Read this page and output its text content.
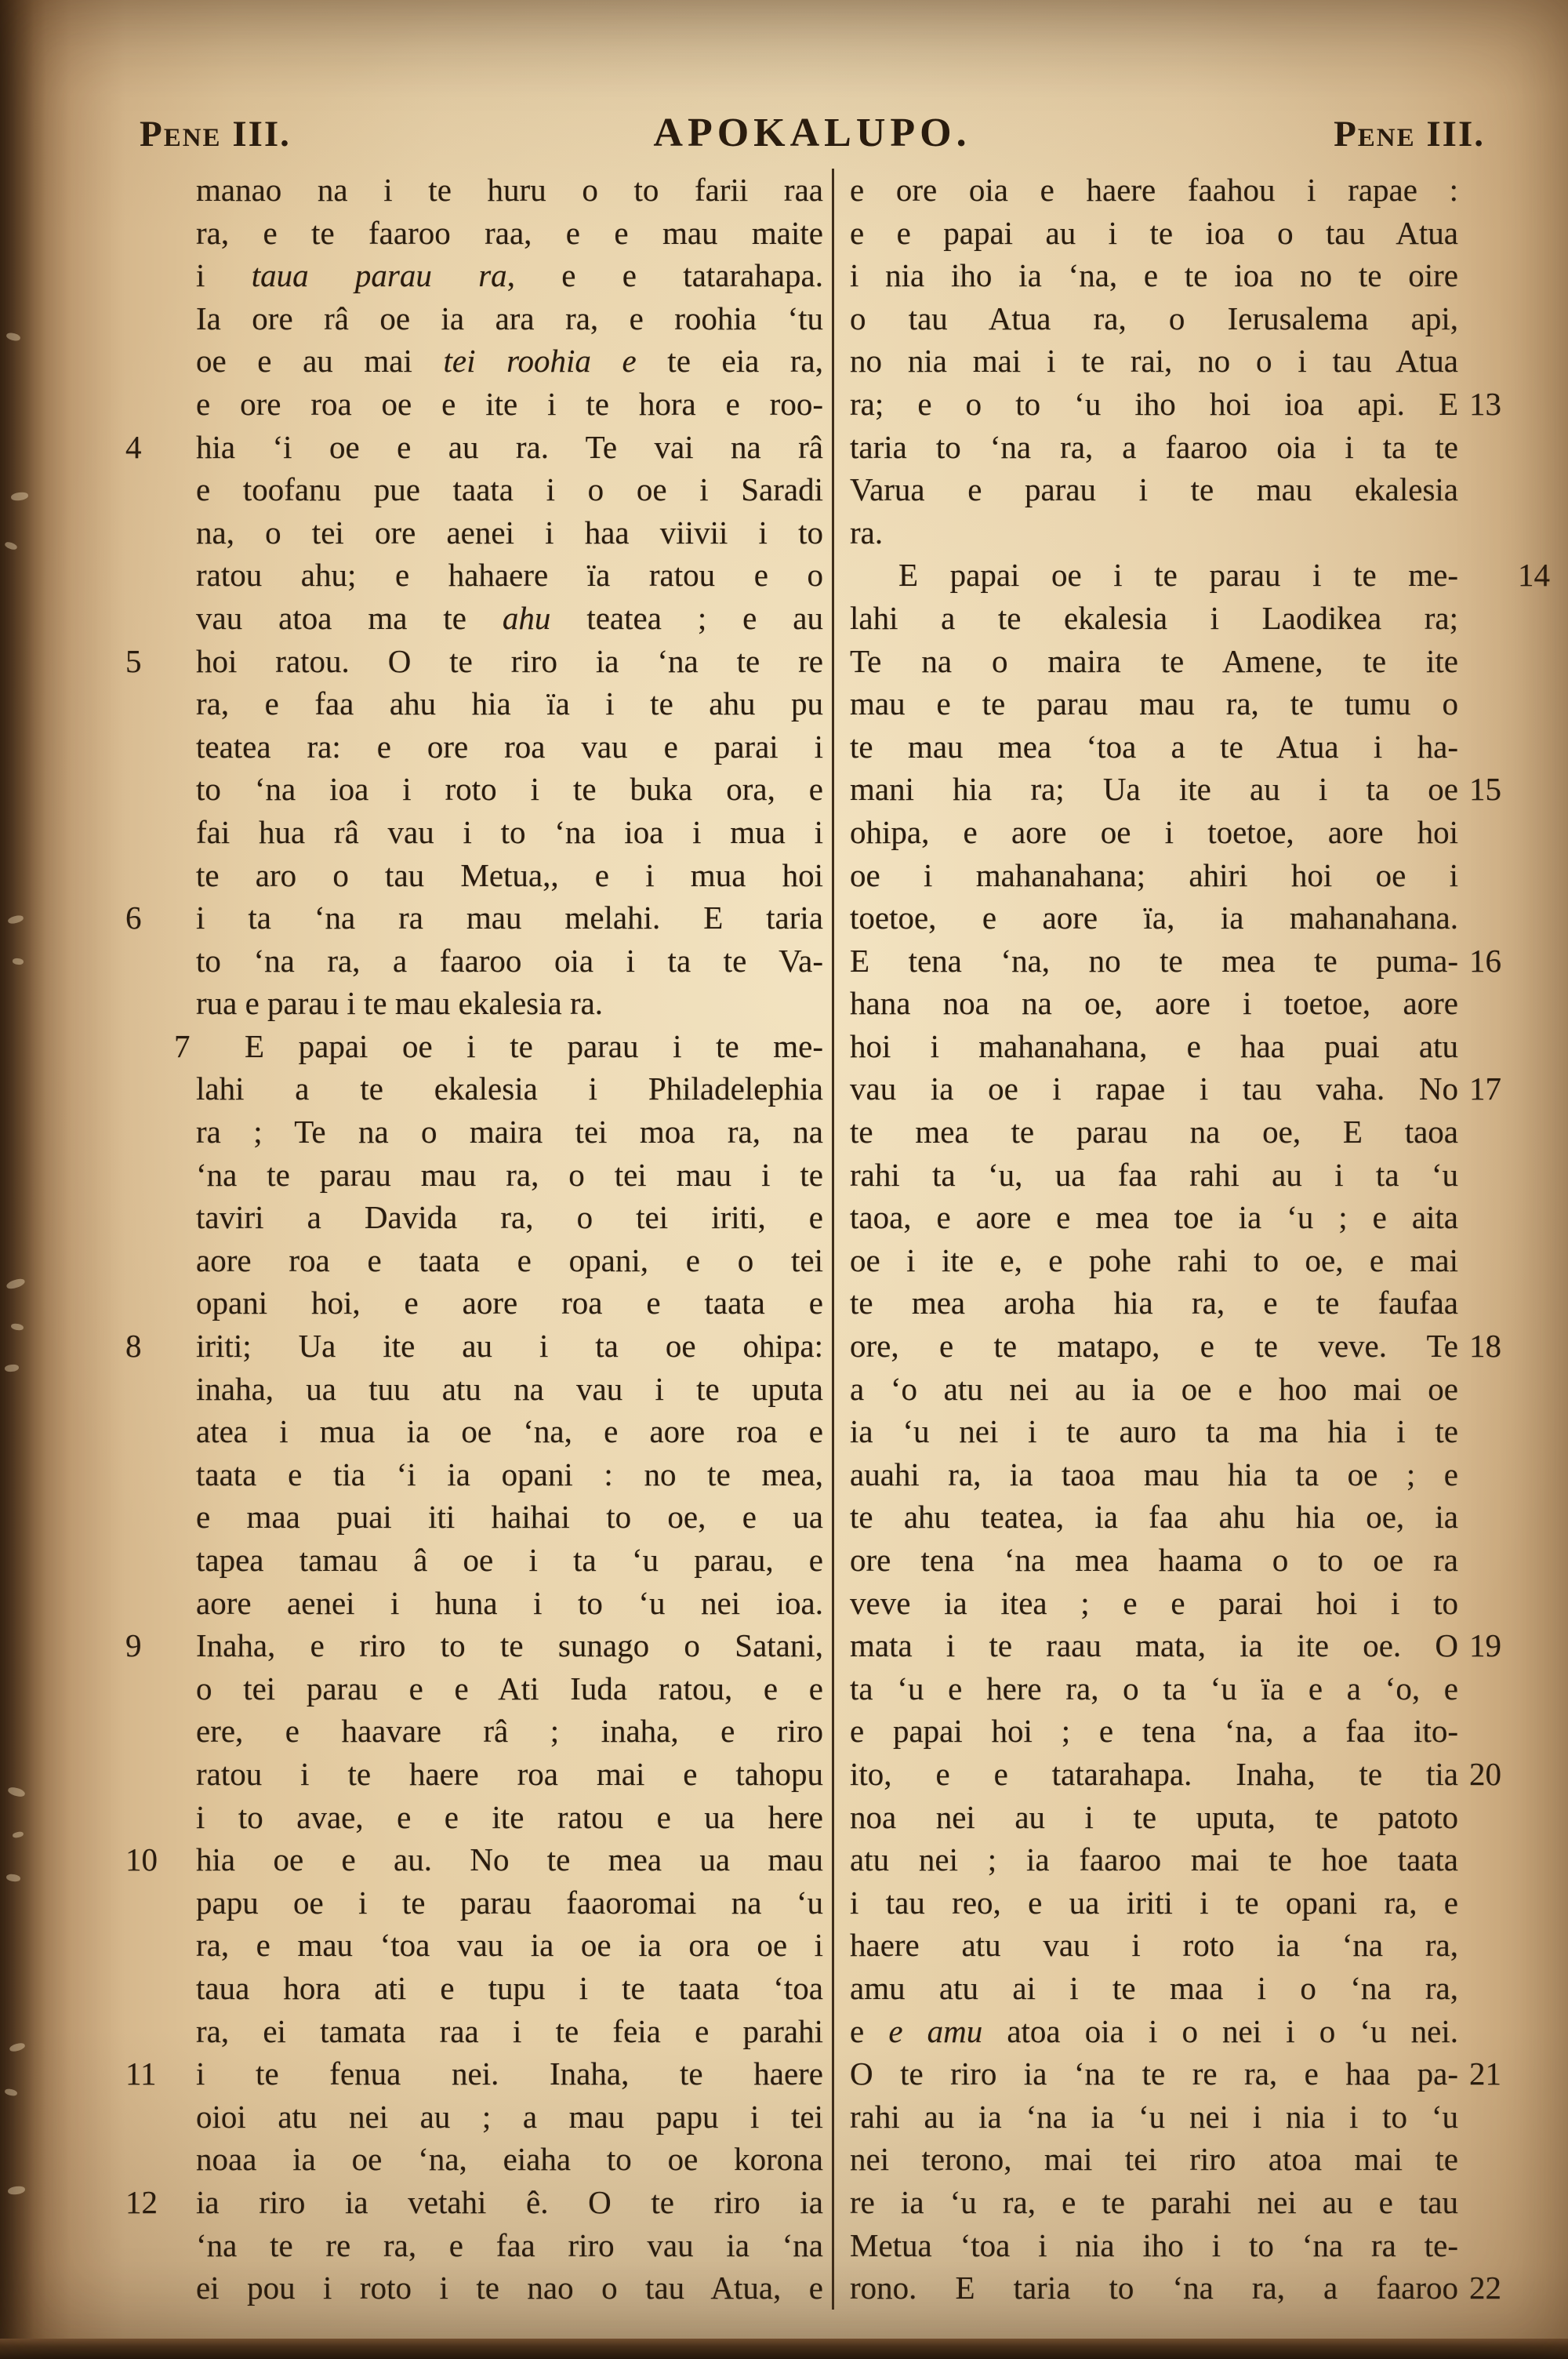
Pene III.	APOKALUPO.	Pene III.
manao na i te huru o to farii raa
ra, e te faaroo raa, e e mau maite
i taua parau ra, e e tatarahapa.
Ia ore râ oe ia ara ra, e roohia ‘tu
oe e au mai tei roohia e te eia ra,
e ore roa oe e ite i te hora e roo-
hia ‘i oe e au ra. Te vai na râ
4
e toofanu pue taata i o oe i Saradi
na, o tei ore aenei i haa viivii i to
ratou ahu; e hahaere ïa ratou e o
vau atoa ma te ahu teatea ; e au
hoi ratou. O te riro ia ‘na te re
5
ra, e faa ahu hia ïa i te ahu pu
teatea ra: e ore roa vau e parai i
to ‘na ioa i roto i te buka ora, e
fai hua râ vau i to ‘na ioa i mua i
te aro o tau Metua,, e i mua hoi
i ta ‘na ra mau melahi. E taria
6
to ‘na ra, a faaroo oia i ta te Va-
rua e parau i te mau ekalesia ra.
E papai oe i te parau i te me-
7
lahi a te ekalesia i Philadelephia
ra ; Te na o maira tei moa ra, na
‘na te parau mau ra, o tei mau i te
taviri a Davida ra, o tei iriti, e
aore roa e taata e opani, e o tei
opani hoi, e aore roa e taata e
iriti; Ua ite au i ta oe ohipa:
8
inaha, ua tuu atu na vau i te uputa
atea i mua ia oe ‘na, e aore roa e
taata e tia ‘i ia opani : no te mea,
e maa puai iti haihai to oe, e ua
tapea tamau â oe i ta ‘u parau, e
aore aenei i huna i to ‘u nei ioa.
Inaha, e riro to te sunago o Satani,
9
o tei parau e e Ati Iuda ratou, e e
ere, e haavare râ ; inaha, e riro
ratou i te haere roa mai e tahopu
i to avae, e e ite ratou e ua here
hia oe e au. No te mea ua mau
10
papu oe i te parau faaoromai na ‘u
ra, e mau ‘toa vau ia oe ia ora oe i
taua hora ati e tupu i te taata ‘toa
ra, ei tamata raa i te feia e parahi
i te fenua nei. Inaha, te haere
11
oioi atu nei au ; a mau papu i tei
noaa ia oe ‘na, eiaha to oe korona
ia riro ia vetahi ê. O te riro ia
12
‘na te re ra, e faa riro vau ia ‘na
ei pou i roto i te nao o tau Atua, e
e ore oia e haere faahou i rapae :
e e papai au i te ioa o tau Atua
i nia iho ia ‘na, e te ioa no te oire
o tau Atua ra, o Ierusalema api,
no nia mai i te rai, no o i tau Atua
ra; e o to ‘u iho hoi ioa api. E 13
taria to ‘na ra, a faaroo oia i ta te
Varua e parau i te mau ekalesia
ra.
E papai oe i te parau i te me-	14
lahi a te ekalesia i Laodikea ra;
Te na o maira te Amene, te ite
mau e te parau mau ra, te tumu o
te mau mea ‘toa a te Atua i ha-
mani hia ra; Ua ite au i ta oe 15
ohipa, e aore oe i toetoe, aore hoi
oe i mahanahana; ahiri hoi oe i
toetoe, e aore ïa, ia mahanahana.
E tena ‘na, no te mea te puma- 16
hana noa na oe, aore i toetoe, aore
hoi i mahanahana, e haa puai atu
vau ia oe i rapae i tau vaha. No 17
te mea te parau na oe, E taoa
rahi ta ‘u, ua faa rahi au i ta ‘u
taoa, e aore e mea toe ia ‘u ; e aita
oe i ite e, e pohe rahi to oe, e mai
te mea aroha hia ra, e te faufaa
ore, e te matapo, e te veve. Te 18
a ‘o atu nei au ia oe e hoo mai oe
ia ‘u nei i te auro ta ma hia i te
auahi ra, ia taoa mau hia ta oe ; e
te ahu teatea, ia faa ahu hia oe, ia
ore tena ‘na mea haama o to oe ra
veve ia itea ; e e parai hoi i to
mata i te raau mata, ia ite oe. O 19
ta ‘u e here ra, o ta ‘u ïa e a ‘o, e
e papai hoi ; e tena ‘na, a faa ito-
ito, e e tatarahapa. Inaha, te tia 20
noa nei au i te uputa, te patoto
atu nei ; ia faaroo mai te hoe taata
i tau reo, e ua iriti i te opani ra, e
haere atu vau i roto ia ‘na ra,
amu atu ai i te maa i o ‘na ra,
e e amu atoa oia i o nei i o ‘u nei.
O te riro ia ‘na te re ra, e haa pa- 21
rahi au ia ‘na ia ‘u nei i nia i to ‘u
nei terono, mai tei riro atoa mai te
re ia ‘u ra, e te parahi nei au e tau
Metua ‘toa i nia iho i to ‘na ra te-
rono. E taria to ‘na ra, a faaroo 22
